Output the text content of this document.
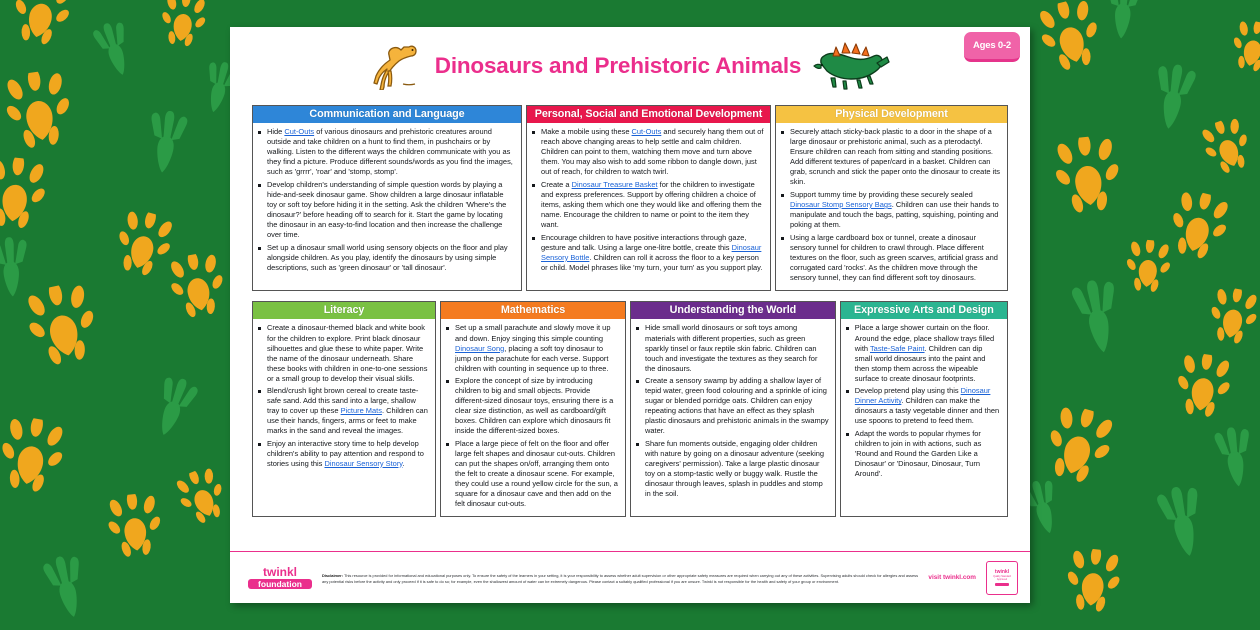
Dinosaurs and Prehistoric Animals
Ages 0-2
Communication and Language
Hide Cut-Outs of various dinosaurs and prehistoric creatures around outside and take children on a hunt to find them, in pushchairs or by walking. Listen to the different ways the children communicate with you as they find a picture. Produce different sounds/words as you find the images, such as 'grrrr', 'roar' and 'stomp, stomp'.
Develop children's understanding of simple question words by playing a hide-and-seek dinosaur game. Show children a large dinosaur inflatable toy or soft toy before hiding it in the setting. Ask the children 'Where's the dinosaur?' before heading off to search for it. Start the game by locating the dinosaur in an easy-to-find location and then increase the challenge over time.
Set up a dinosaur small world using sensory objects on the floor and play alongside children. As you play, identify the dinosaurs by using simple descriptions, such as 'green dinosaur' or 'tall dinosaur'.
Personal, Social and Emotional Development
Make a mobile using these Cut-Outs and securely hang them out of reach above changing areas to help settle and calm children. Children can point to them, watching them move and turn above them. You may also wish to add some ribbon to dangle down, just out of reach, for children to watch twirl.
Create a Dinosaur Treasure Basket for the children to investigate and express preferences. Support by offering children a choice of items, asking them which one they would like and offering them the name. Encourage the children to name or point to the item they want.
Encourage children to have positive interactions through gaze, gesture and talk. Using a large one-litre bottle, create this Dinosaur Sensory Bottle. Children can roll it across the floor to a key person or child. Model phrases like 'my turn, your turn' as you support play.
Physical Development
Securely attach sticky-back plastic to a door in the shape of a large dinosaur or prehistoric animal, such as a pterodactyl. Ensure children can reach from sitting and standing positions. Add different textures of paper/card in a basket. Children can grab, scrunch and stick the paper onto the dinosaur to create its skin.
Support tummy time by providing these securely sealed Dinosaur Stomp Sensory Bags. Children can use their hands to manipulate and touch the bags, patting, squishing, pointing and poking at them.
Using a large cardboard box or tunnel, create a dinosaur sensory tunnel for children to crawl through. Place different textures on the floor, such as green scarves, artificial grass and corrugated card 'rocks'. As the children move through the sensory tunnel, they can find different soft toy dinosaurs.
Literacy
Create a dinosaur-themed black and white book for the children to explore. Print black dinosaur silhouettes and glue these to white paper. Write the name of the dinosaur underneath. Share these books with children in one-to-one sessions or a small group to develop their visual skills.
Blend/crush light brown cereal to create taste-safe sand. Add this sand into a large, shallow tray to cover up these Picture Mats. Children can use their hands, fingers, arms or feet to make marks in the sand and reveal the images.
Enjoy an interactive story time to help develop children's ability to pay attention and respond to stories using this Dinosaur Sensory Story.
Mathematics
Set up a small parachute and slowly move it up and down. Enjoy singing this simple counting Dinosaur Song, placing a soft toy dinosaur to jump on the parachute for each verse. Support children with counting in sequence up to three.
Explore the concept of size by introducing children to big and small objects. Provide different-sized dinosaur toys, ensuring there is a clear size distinction, as well as cardboard/gift boxes. Children can explore which dinosaurs fit inside the different-sized boxes.
Place a large piece of felt on the floor and offer large felt shapes and dinosaur cut-outs. Children can put the shapes on/off, arranging them onto the felt to create a dinosaur scene. For example, they could use a round yellow circle for the sun, a square for a dinosaur cave and then add on the felt dinosaur cut-outs.
Understanding the World
Hide small world dinosaurs or soft toys among materials with different properties, such as green sparkly tinsel or faux reptile skin fabric. Children can touch and investigate the textures as they search for the dinosaurs.
Create a sensory swamp by adding a shallow layer of tepid water, green food colouring and a sprinkle of icing sugar or blended porridge oats. Children can enjoy repeating actions that have an effect as they splash plastic dinosaurs and prehistoric animals in the swampy water.
Share fun moments outside, engaging older children with nature by going on a dinosaur adventure (seeking caregivers' permission). Take a large plastic dinosaur toy on a stomp-tastic welly or buggy walk. Rustle the dinosaur through leaves, splash in puddles and stomp in the soil.
Expressive Arts and Design
Place a large shower curtain on the floor. Around the edge, place shallow trays filled with Taste-Safe Paint. Children can dip small world dinosaurs into the paint and then stomp them across the wipeable surface to create dinosaur footprints.
Develop pretend play using this Dinosaur Dinner Activity. Children can make the dinosaurs a tasty vegetable dinner and then use spoons to pretend to feed them.
Adapt the words to popular rhymes for children to join in with actions, such as 'Round and Round the Garden Like a Dinosaur' or 'Dinosaur, Dinosaur, Turn Around'.
twinkl
foundation
Disclaimer: This resource is provided for informational and educational purposes only. To ensure the safety of the learners in your setting, it is your responsibility to assess whether adult supervision or other appropriate safety measures are required when carrying out any of these activities. Supervising adults should check for allergies and assess any potential risks before the activity and only proceed if it is safe to do so; for example, even the shallowest amount of water can be extremely dangerous. Please contact a suitably qualified professional if you are unsure. Twinkl is not responsible for the health and safety of your group or environment.	visit twinkl.com
twinkl
Quality Standard Approved
